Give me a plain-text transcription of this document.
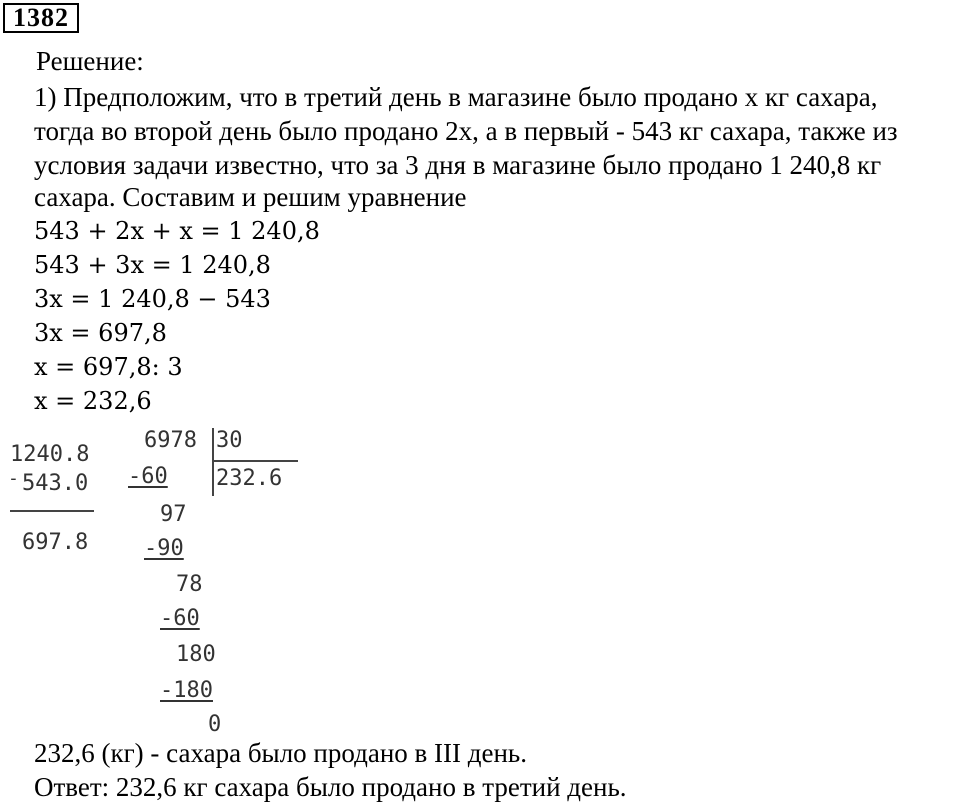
1382
Решение:
1) Предположим, что в третий день в магазине было продано х кг сахара,
тогда во второй день было продано 2х, а в первый - 543 кг сахара, также из
условия задачи известно, что за 3 дня в магазине было продано 1 240,8 кг
сахара. Составим и решим уравнение
543 + 2x + x = 1 240,8
543 + 3x = 1 240,8
3x = 1 240,8 − 543
3x = 697,8
x = 697,8: 3
x = 232,6
1240.8
- 543.0
697.8
6978 30
232.6
-60
97
-90
78
-60
180
-180
0
232,6 (кг) - сахара было продано в III день.
Ответ: 232,6 кг сахара было продано в третий день.
